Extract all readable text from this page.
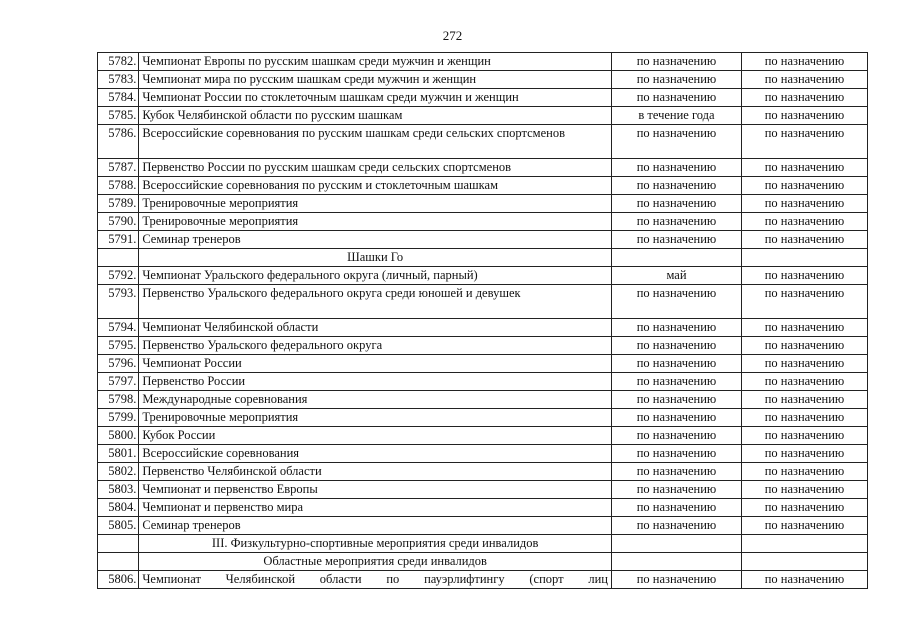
272
5782.	Чемпионат Европы по русским шашкам среди мужчин и женщин	по назначению	по назначению
5783.	Чемпионат мира по русским шашкам среди мужчин и женщин	по назначению	по назначению
5784.	Чемпионат России по стоклеточным шашкам среди мужчин и женщин	по назначению	по назначению
5785.	Кубок Челябинской области по русским шашкам	в течение года	по назначению
5786.	Всероссийские соревнования по русским шашкам среди сельских спортсменов	по назначению	по назначению
5787.	Первенство России по русским шашкам среди сельских спортсменов	по назначению	по назначению
5788.	Всероссийские соревнования по русским и стоклеточным шашкам	по назначению	по назначению
5789.	Тренировочные мероприятия	по назначению	по назначению
5790.	Тренировочные мероприятия	по назначению	по назначению
5791.	Семинар тренеров	по назначению	по назначению
	Шашки Го		
5792.	Чемпионат Уральского федерального округа (личный, парный)	май	по назначению
5793.	Первенство Уральского федерального округа среди юношей и девушек	по назначению	по назначению
5794.	Чемпионат Челябинской области	по назначению	по назначению
5795.	Первенство Уральского федерального округа	по назначению	по назначению
5796.	Чемпионат России	по назначению	по назначению
5797.	Первенство России	по назначению	по назначению
5798.	Международные соревнования	по назначению	по назначению
5799.	Тренировочные мероприятия	по назначению	по назначению
5800.	Кубок России	по назначению	по назначению
5801.	Всероссийские соревнования	по назначению	по назначению
5802.	Первенство Челябинской области	по назначению	по назначению
5803.	Чемпионат и первенство Европы	по назначению	по назначению
5804.	Чемпионат и первенство мира	по назначению	по назначению
5805.	Семинар тренеров	по назначению	по назначению
	III. Физкультурно-спортивные мероприятия среди инвалидов		
	Областные мероприятия среди инвалидов		
5806.	Чемпионат Челябинской области по пауэрлифтингу (спорт лиц	по назначению	по назначению
